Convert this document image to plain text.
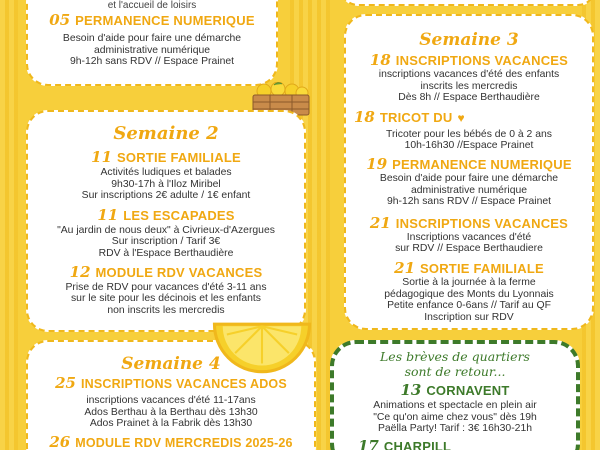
et l'accueil de loisirs
05 PERMANENCE NUMERIQUE
Besoin d'aide pour faire une démarche
administrative numérique
9h-12h sans RDV // Espace Prainet
Semaine 2
11 SORTIE FAMILIALE
Activités ludiques et balades
9h30-17h à l'Iloz Miribel
Sur inscriptions 2€ adulte / 1€ enfant
11 LES ESCAPADES
"Au jardin de nous deux" à Civrieux-d'Azergues
Sur inscription / Tarif 3€
RDV à l'Espace Berthaudière
12 MODULE RDV VACANCES
Prise de RDV pour vacances d'été 3-11 ans
sur le site pour les décinois et les enfants
non inscrits les mercredis
Semaine 3
18 INSCRIPTIONS VACANCES
inscriptions vacances d'été des enfants
inscrits les mercredis
Dès 8h // Espace Berthaudière
18 TRICOT DU ♥
Tricoter pour les bébés de 0 à 2 ans
10h-16h30 //Espace Prainet
19 PERMANENCE NUMERIQUE
Besoin d'aide pour faire une démarche
administrative numérique
9h-12h sans RDV // Espace Prainet
21 INSCRIPTIONS VACANCES
Inscriptions vacances d'été
sur RDV // Espace Berthaudiere
21 SORTIE FAMILIALE
Sortie à la journée à la ferme
pédagogique des Monts du Lyonnais
Petite enfance 0-6ans // Tarif au QF
Inscription sur RDV
Semaine 4
25 INSCRIPTIONS VACANCES ADOS
inscriptions vacances d'été 11-17ans
Ados Berthau à la Berthau dès 13h30
Ados Prainet à la Fabrik dès 13h30
26 MODULE RDV MERCREDIS 2025-26
Les brèves de quartiers
sont de retour...
13 CORNAVENT
Animations et spectacle en plein air
"Ce qu'on aime chez vous" dès 19h
Paëlla Party! Tarif : 3€ 16h30-21h
17 CHARPILL
